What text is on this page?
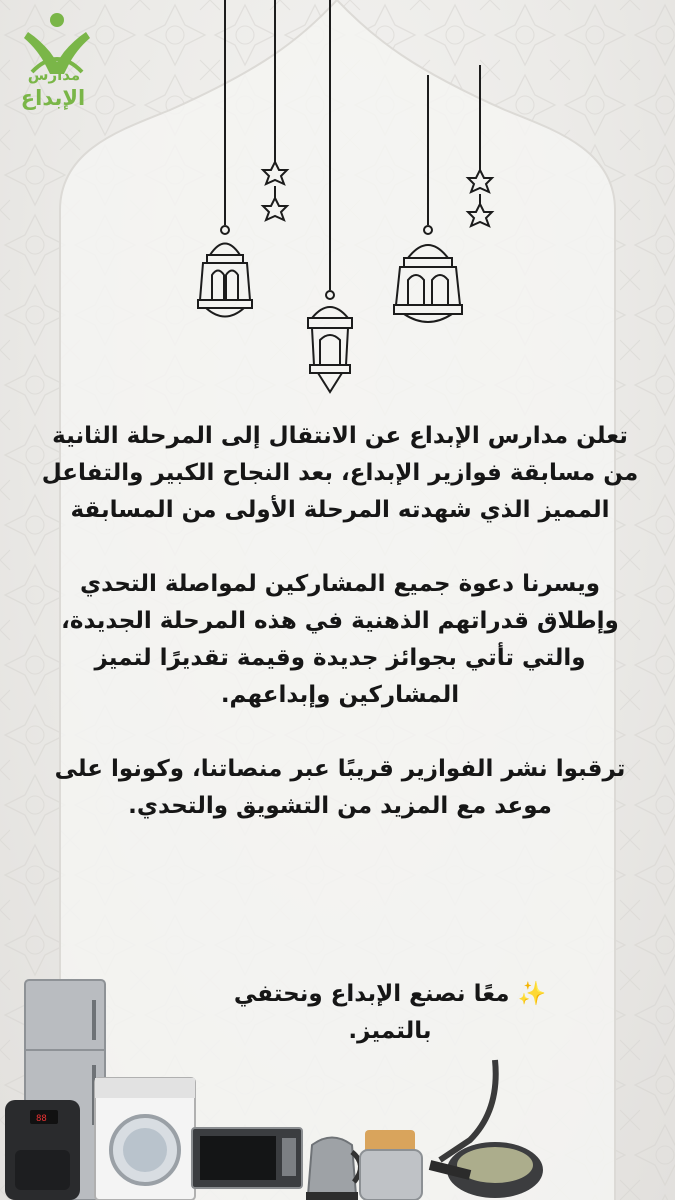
مدارس
الإبداع

تعلن مدارس الإبداع عن الانتقال إلى المرحلة الثانية

من مسابقة فوازير الإبداع، بعد النجاح الكبير والتفاعل

المميز الذي شهدته المرحلة الأولى من المسابقة

ويسرنا دعوة جميع المشاركين لمواصلة التحدي

وإطلاق قدراتهم الذهنية في هذه المرحلة الجديدة،

والتي تأتي بجوائز جديدة وقيمة تقديرًا لتميز

المشاركين وإبداعهم.

ترقبوا نشر الفوازير قريبًا عبر منصاتنا، وكونوا على

موعد مع المزيد من التشويق والتحدي.

✨ معًا نصنع الإبداع ونحتفي بالتميز.
88
